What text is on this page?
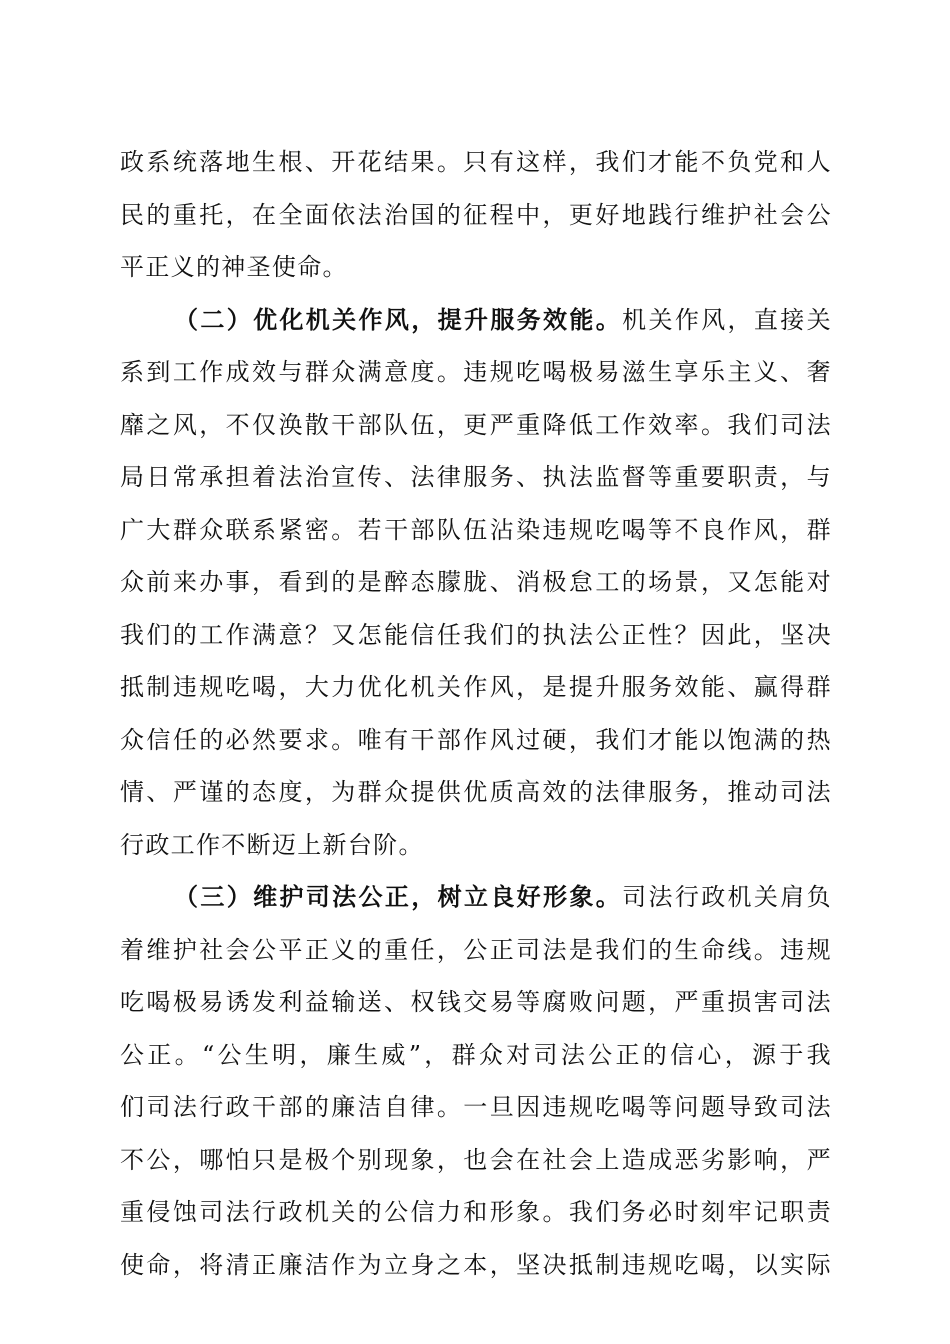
政 系 统 落 地 生 根 、 开 花 结 果 。 只 有 这 样 ， 我 们 才 能 不 负 党 和 人
民 的 重 托 ， 在 全 面 依 法 治 国 的 征 程 中 ， 更 好 地 践 行 维 护 社 会 公
平 正 义 的 神 圣 使 命 。
（ 二 ） 优 化 机 关 作 风 ， 提 升 服 务 效 能 。 机 关 作 风 ， 直 接 关
系 到 工 作 成 效 与 群 众 满 意 度 。 违 规 吃 喝 极 易 滋 生 享 乐 主 义 、 奢
靡 之 风 ， 不 仅 涣 散 干 部 队 伍 ， 更 严 重 降 低 工 作 效 率 。 我 们 司 法
局 日 常 承 担 着 法 治 宣 传 、 法 律 服 务 、 执 法 监 督 等 重 要 职 责 ， 与
广 大 群 众 联 系 紧 密 。 若 干 部 队 伍 沾 染 违 规 吃 喝 等 不 良 作 风 ， 群
众 前 来 办 事 ， 看 到 的 是 醉 态 朦 胧 、 消 极 怠 工 的 场 景 ， 又 怎 能 对
我 们 的 工 作 满 意 ？ 又 怎 能 信 任 我 们 的 执 法 公 正 性 ？ 因 此 ， 坚 决
抵 制 违 规 吃 喝 ， 大 力 优 化 机 关 作 风 ， 是 提 升 服 务 效 能 、 赢 得 群
众 信 任 的 必 然 要 求 。 唯 有 干 部 作 风 过 硬 ， 我 们 才 能 以 饱 满 的 热
情 、 严 谨 的 态 度 ， 为 群 众 提 供 优 质 高 效 的 法 律 服 务 ， 推 动 司 法
行 政 工 作 不 断 迈 上 新 台 阶 。
（ 三 ） 维 护 司 法 公 正 ， 树 立 良 好 形 象 。 司 法 行 政 机 关 肩 负
着 维 护 社 会 公 平 正 义 的 重 任 ， 公 正 司 法 是 我 们 的 生 命 线 。 违 规
吃 喝 极 易 诱 发 利 益 输 送 、 权 钱 交 易 等 腐 败 问 题 ， 严 重 损 害 司 法
公 正 。 “ 公 生 明 ， 廉 生 威 ” ， 群 众 对 司 法 公 正 的 信 心 ， 源 于 我
们 司 法 行 政 干 部 的 廉 洁 自 律 。 一 旦 因 违 规 吃 喝 等 问 题 导 致 司 法
不 公 ， 哪 怕 只 是 极 个 别 现 象 ， 也 会 在 社 会 上 造 成 恶 劣 影 响 ， 严
重 侵 蚀 司 法 行 政 机 关 的 公 信 力 和 形 象 。 我 们 务 必 时 刻 牢 记 职 责
使 命 ， 将 清 正 廉 洁 作 为 立 身 之 本 ， 坚 决 抵 制 违 规 吃 喝 ， 以 实 际
